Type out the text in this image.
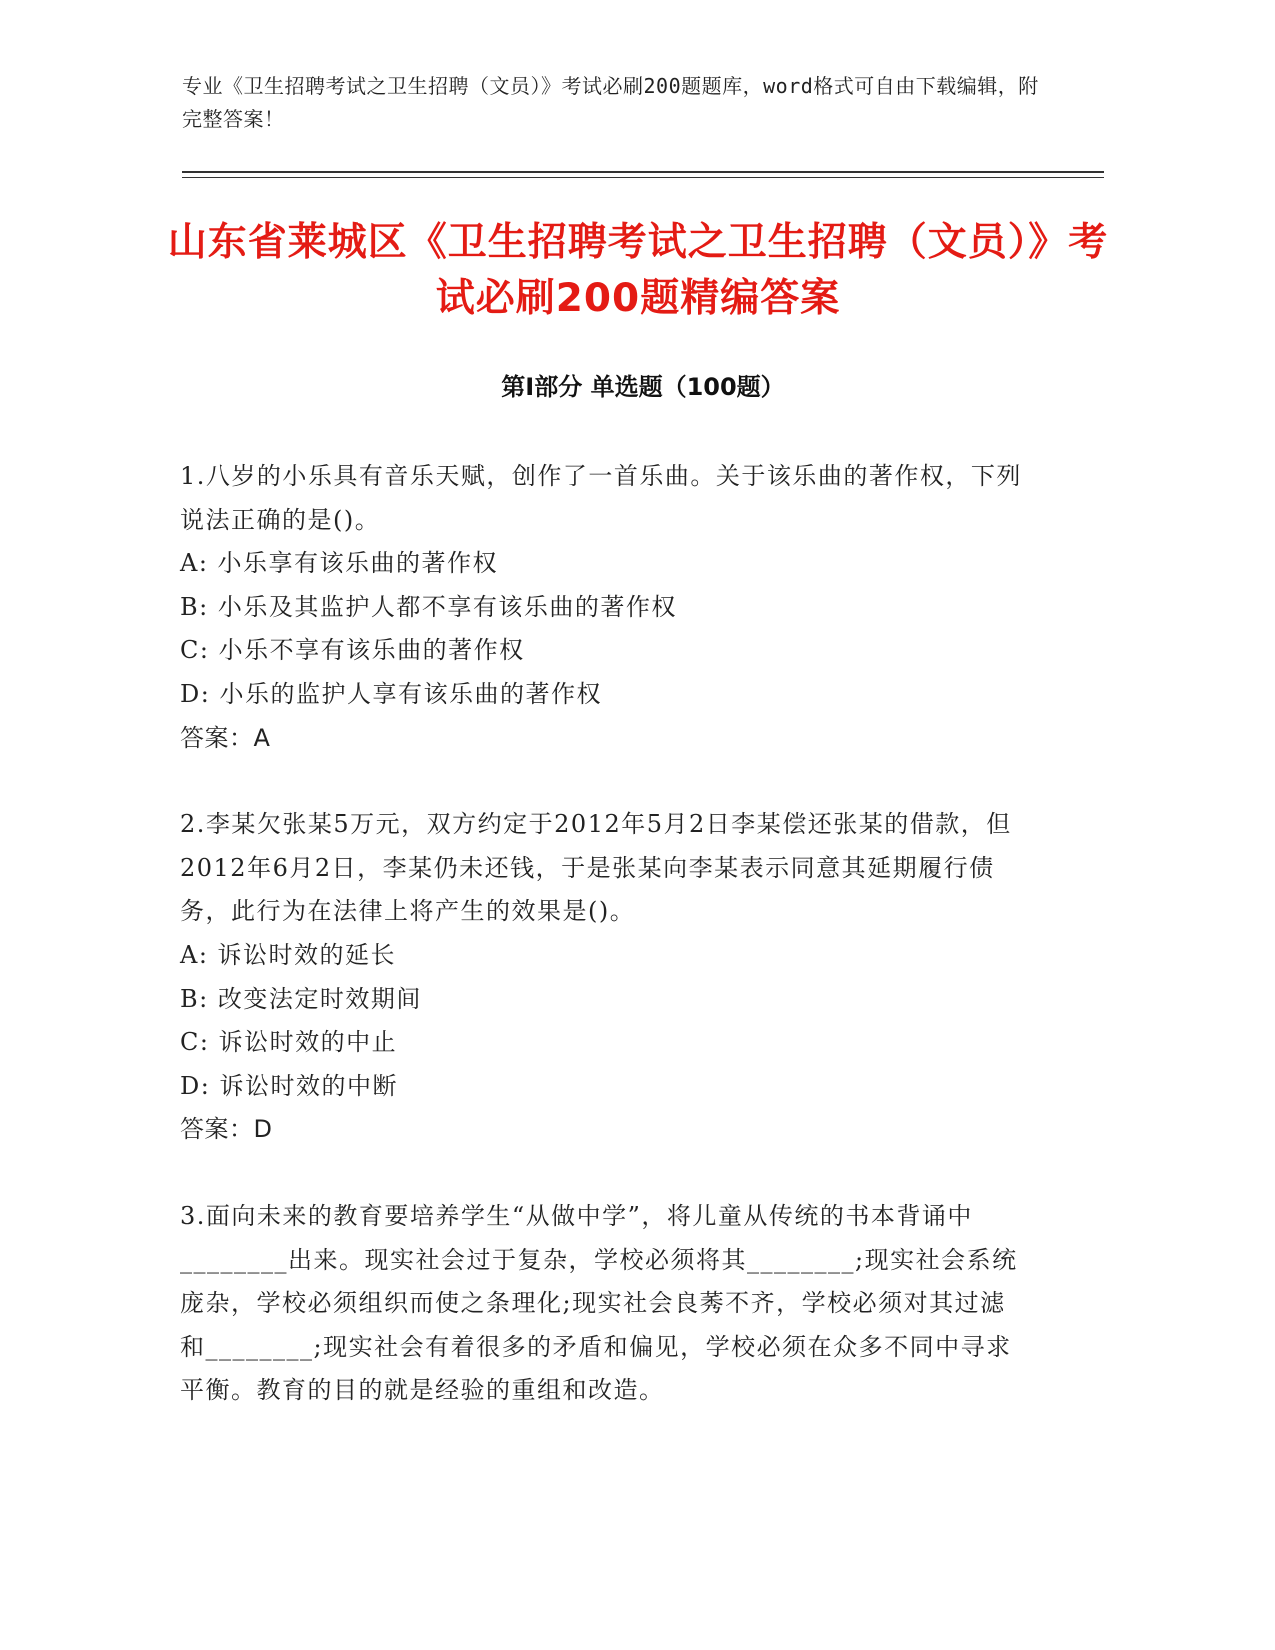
专业《卫生招聘考试之卫生招聘（文员）》考试必刷200题题库，word格式可自由下载编辑，附完整答案！
山东省莱城区《卫生招聘考试之卫生招聘（文员）》考试必刷200题精编答案
第Ⅰ部分 单选题（100题）

1.八岁的小乐具有音乐天赋，创作了一首乐曲。关于该乐曲的著作权，下列说法正确的是()。

A: 小乐享有该乐曲的著作权

B: 小乐及其监护人都不享有该乐曲的著作权

C: 小乐不享有该乐曲的著作权

D: 小乐的监护人享有该乐曲的著作权

答案：A

2.李某欠张某5万元，双方约定于2012年5月2日李某偿还张某的借款，但2012年6月2日，李某仍未还钱，于是张某向李某表示同意其延期履行债务，此行为在法律上将产生的效果是()。

A: 诉讼时效的延长

B: 改变法定时效期间

C: 诉讼时效的中止

D: 诉讼时效的中断

答案：D

3.面向未来的教育要培养学生“从做中学”，将儿童从传统的书本背诵中________出来。现实社会过于复杂，学校必须将其________;现实社会系统庞杂，学校必须组织而使之条理化;现实社会良莠不齐，学校必须对其过滤和________;现实社会有着很多的矛盾和偏见，学校必须在众多不同中寻求平衡。教育的目的就是经验的重组和改造。
